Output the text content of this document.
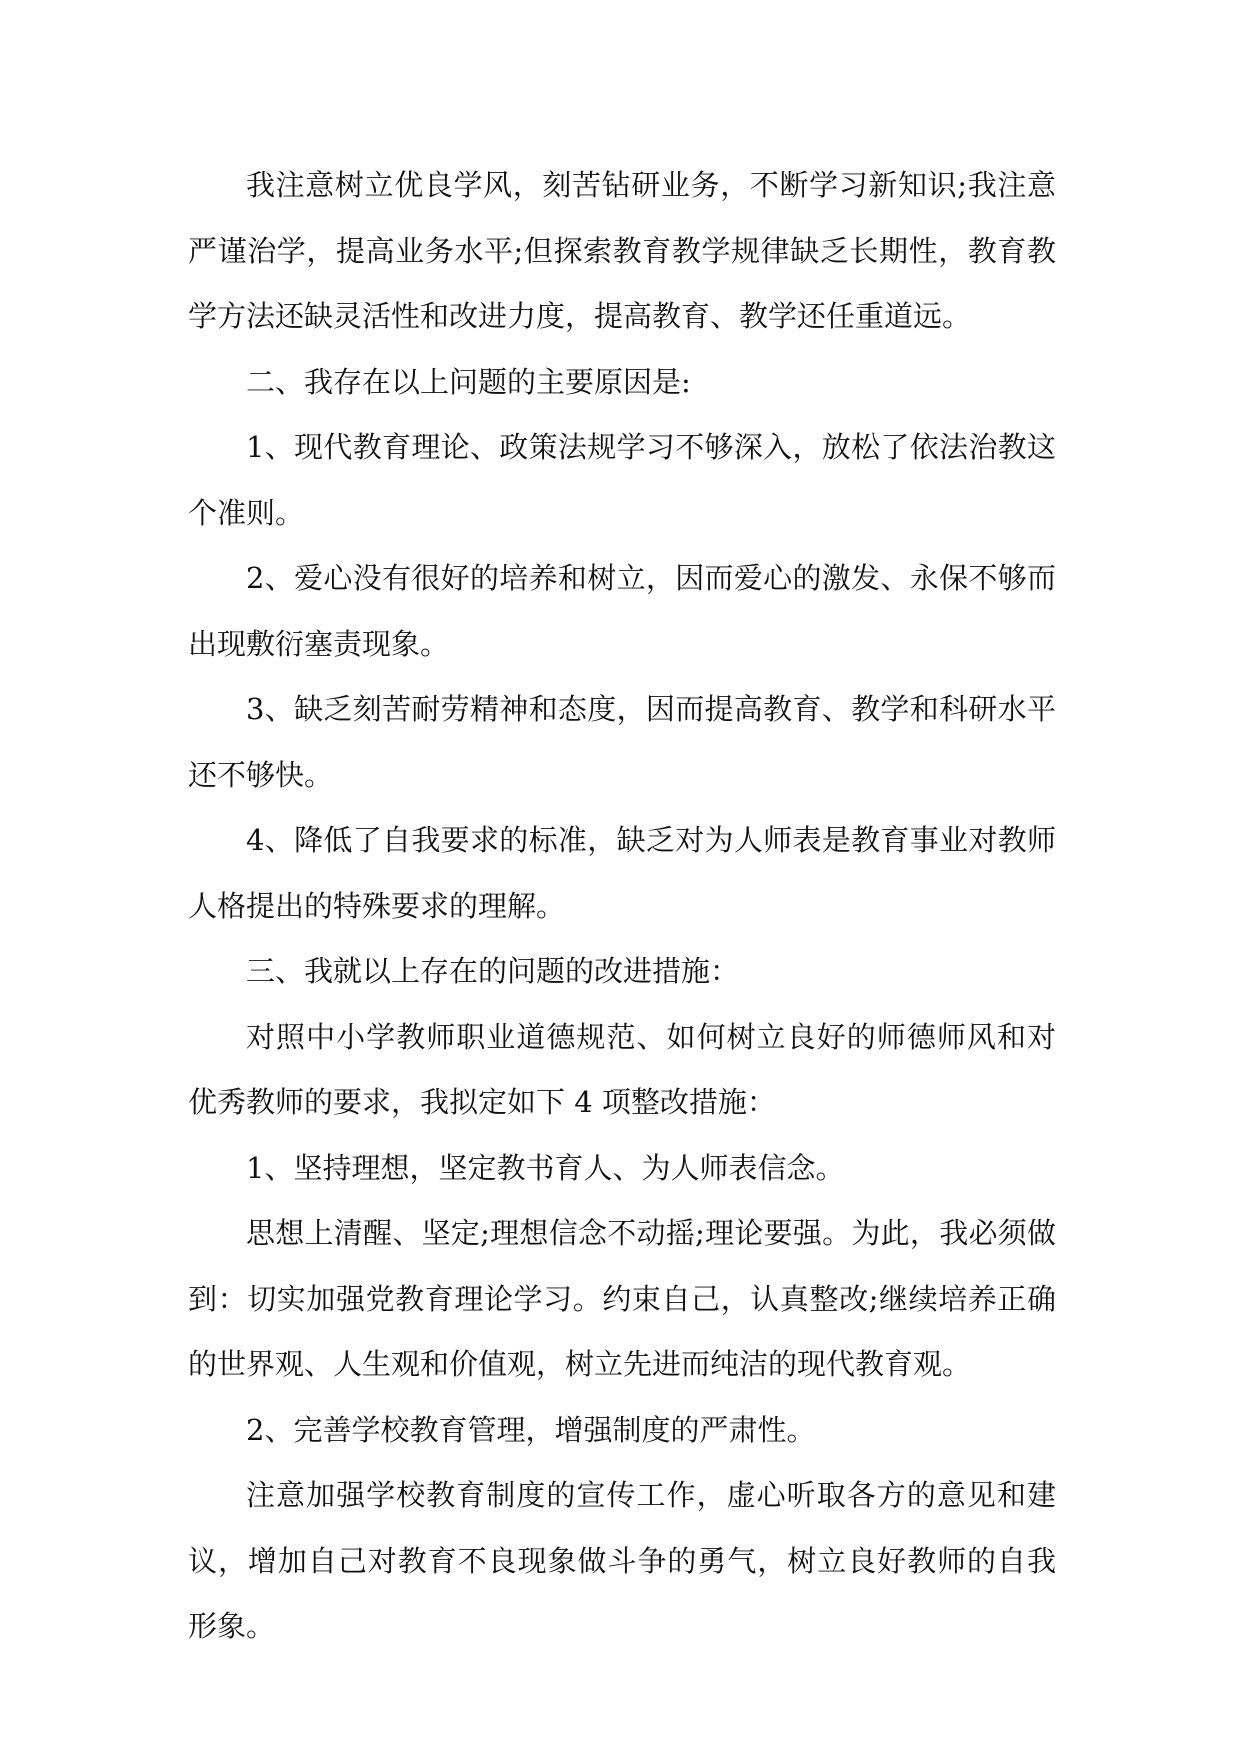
我注意树立优良学风，刻苦钻研业务，不断学习新知识;我注意严谨治学，提高业务水平;但探索教育教学规律缺乏长期性，教育教学方法还缺灵活性和改进力度，提高教育、教学还任重道远。

二、我存在以上问题的主要原因是:

1、现代教育理论、政策法规学习不够深入，放松了依法治教这个准则。

2、爱心没有很好的培养和树立，因而爱心的激发、永保不够而出现敷衍塞责现象。

3、缺乏刻苦耐劳精神和态度，因而提高教育、教学和科研水平还不够快。

4、降低了自我要求的标准，缺乏对为人师表是教育事业对教师人格提出的特殊要求的理解。

三、我就以上存在的问题的改进措施：

对照中小学教师职业道德规范、如何树立良好的师德师风和对优秀教师的要求，我拟定如下 4 项整改措施：

1、坚持理想，坚定教书育人、为人师表信念。

思想上清醒、坚定;理想信念不动摇;理论要强。为此，我必须做到：切实加强党教育理论学习。约束自己，认真整改;继续培养正确的世界观、人生观和价值观，树立先进而纯洁的现代教育观。

2、完善学校教育管理，增强制度的严肃性。

注意加强学校教育制度的宣传工作，虚心听取各方的意见和建议，增加自己对教育不良现象做斗争的勇气，树立良好教师的自我形象。
